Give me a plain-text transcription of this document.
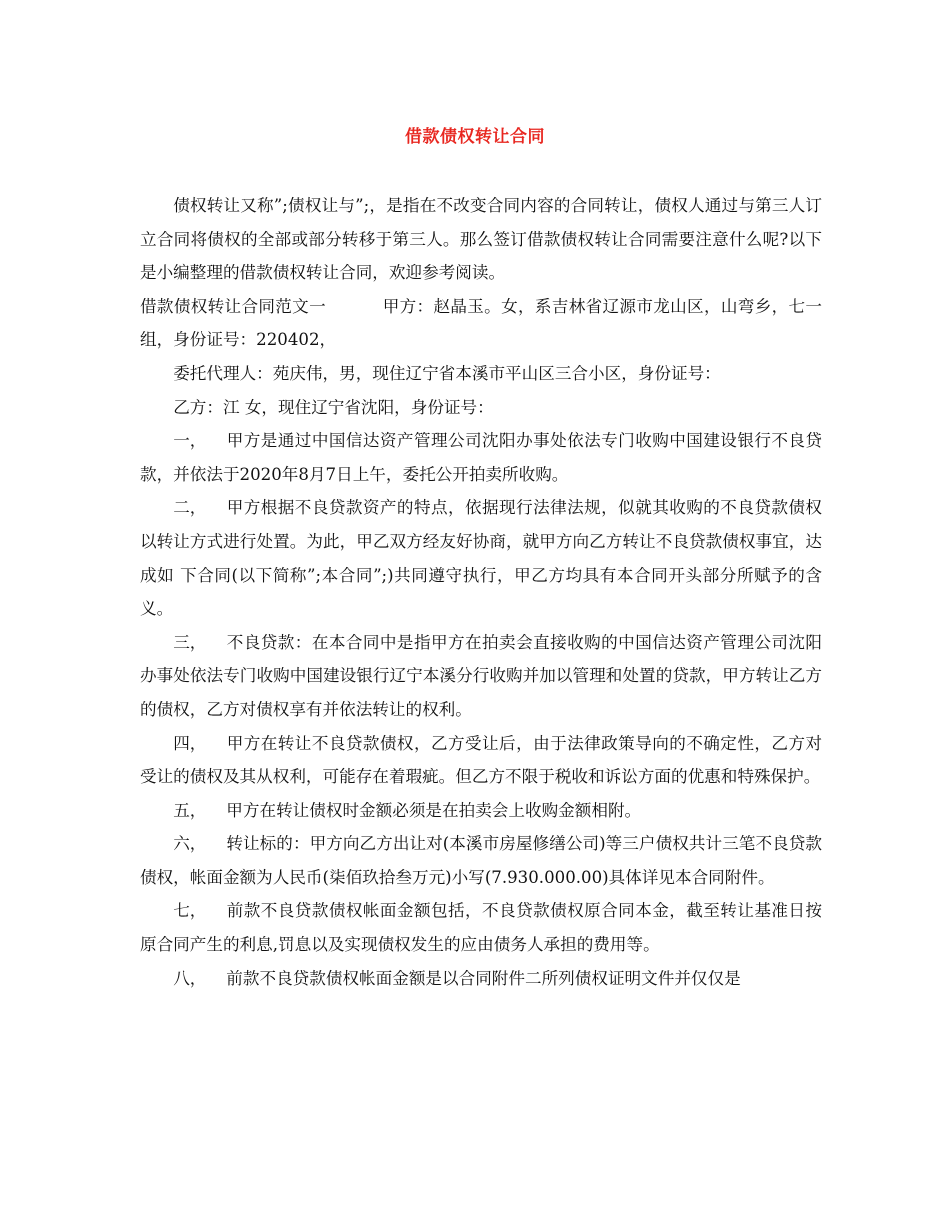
借款债权转让合同

债权转让又称”;债权让与”;，是指在不改变合同内容的合同转让，债权人通过与第三人订立合同将债权的全部或部分转移于第三人。那么签订借款债权转让合同需要注意什么呢?以下是小编整理的借款债权转让合同，欢迎参考阅读。

借款债权转让合同范文一	甲方：赵晶玉。女，系吉林省辽源市龙山区，山弯乡，七一组，身份证号：220402，

委托代理人：苑庆伟，男，现住辽宁省本溪市平山区三合小区，身份证号：

乙方：江 女，现住辽宁省沈阳，身份证号：

一， 甲方是通过中国信达资产管理公司沈阳办事处依法专门收购中国建设银行不良贷款，并依法于2020年8月7日上午，委托公开拍卖所收购。

二， 甲方根据不良贷款资产的特点，依据现行法律法规，似就其收购的不良贷款债权以转让方式进行处置。为此，甲乙双方经友好协商，就甲方向乙方转让不良贷款债权事宜，达成如 下合同(以下简称”;本合同”;)共同遵守执行，甲乙方均具有本合同开头部分所赋予的含义。

三， 不良贷款：在本合同中是指甲方在拍卖会直接收购的中国信达资产管理公司沈阳办事处依法专门收购中国建设银行辽宁本溪分行收购并加以管理和处置的贷款，甲方转让乙方的债权，乙方对债权享有并依法转让的权利。

四， 甲方在转让不良贷款债权，乙方受让后，由于法律政策导向的不确定性，乙方对受让的债权及其从权利，可能存在着瑕疵。但乙方不限于税收和诉讼方面的优惠和特殊保护。

五， 甲方在转让债权时金额必须是在拍卖会上收购金额相附。

六， 转让标的：甲方向乙方出让对(本溪市房屋修缮公司)等三户债权共计三笔不良贷款债权，帐面金额为人民币(柒佰玖拾叁万元)小写(7.930.000.00)具体详见本合同附件。

七， 前款不良贷款债权帐面金额包括，不良贷款债权原合同本金，截至转让基准日按原合同产生的利息,罚息以及实现债权发生的应由债务人承担的费用等。

八， 前款不良贷款债权帐面金额是以合同附件二所列债权证明文件并仅仅是
